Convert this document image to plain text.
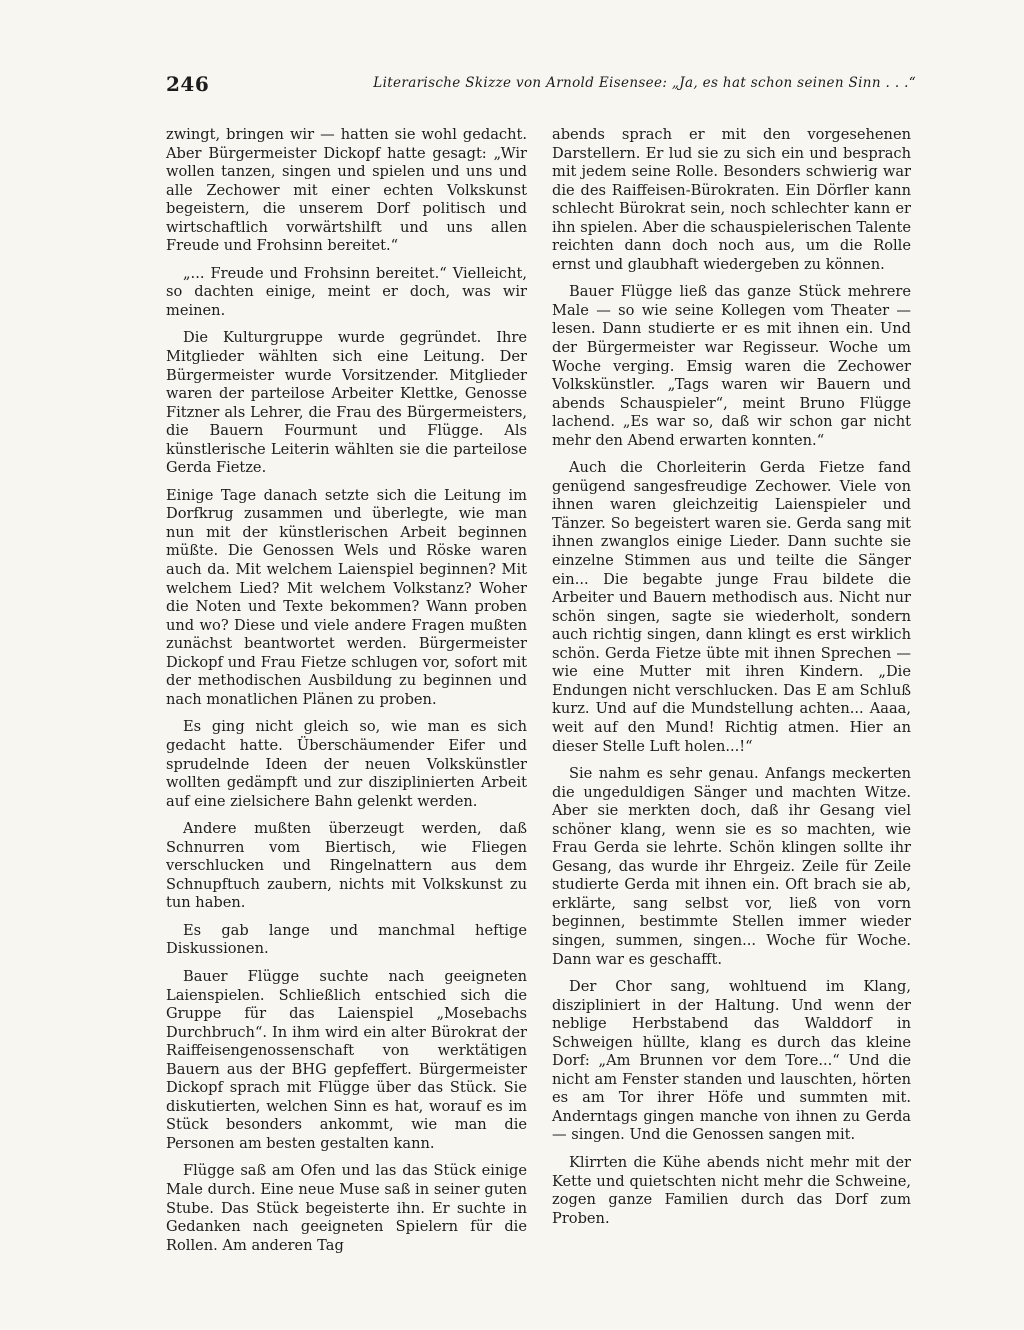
246	Literarische Skizze von Arnold Eisensee: „Ja, es hat schon seinen Sinn . . .“

zwingt, bringen wir — hatten sie wohl gedacht. Aber Bürgermeister Dickopf hatte gesagt: „Wir wollen tanzen, singen und spielen und uns und alle Zechower mit einer echten Volkskunst begeistern, die unserem Dorf politisch und wirtschaftlich vorwärtshilft und uns allen Freude und Frohsinn bereitet.“

„... Freude und Frohsinn bereitet.“ Vielleicht, so dachten einige, meint er doch, was wir meinen.

Die Kulturgruppe wurde gegründet. Ihre Mitglieder wählten sich eine Leitung. Der Bürgermeister wurde Vorsitzender. Mitglieder waren der parteilose Arbeiter Klettke, Genosse Fitzner als Lehrer, die Frau des Bürgermeisters, die Bauern Fourmunt und Flügge. Als künstlerische Leiterin wählten sie die parteilose Gerda Fietze.

Einige Tage danach setzte sich die Leitung im Dorfkrug zusammen und überlegte, wie man nun mit der künstlerischen Arbeit beginnen müßte. Die Genossen Wels und Röske waren auch da. Mit welchem Laienspiel beginnen? Mit welchem Lied? Mit welchem Volkstanz? Woher die Noten und Texte bekommen? Wann proben und wo? Diese und viele andere Fragen mußten zunächst beantwortet werden. Bürgermeister Dickopf und Frau Fietze schlugen vor, sofort mit der methodischen Ausbildung zu beginnen und nach monatlichen Plänen zu proben.

Es ging nicht gleich so, wie man es sich gedacht hatte. Überschäumender Eifer und sprudelnde Ideen der neuen Volkskünstler wollten gedämpft und zur disziplinierten Arbeit auf eine zielsichere Bahn gelenkt werden.

Andere mußten überzeugt werden, daß Schnurren vom Biertisch, wie Fliegen verschlucken und Ringelnattern aus dem Schnupftuch zaubern, nichts mit Volkskunst zu tun haben.

Es gab lange und manchmal heftige Diskussionen.

Bauer Flügge suchte nach geeigneten Laienspielen. Schließlich entschied sich die Gruppe für das Laienspiel „Mosebachs Durchbruch“. In ihm wird ein alter Bürokrat der Raiffeisengenossenschaft von werktätigen Bauern aus der BHG gepfeffert. Bürgermeister Dickopf sprach mit Flügge über das Stück. Sie diskutierten, welchen Sinn es hat, worauf es im Stück besonders ankommt, wie man die Personen am besten gestalten kann.

Flügge saß am Ofen und las das Stück einige Male durch. Eine neue Muse saß in seiner guten Stube. Das Stück begeisterte ihn. Er suchte in Gedanken nach geeigneten Spielern für die Rollen. Am anderen Tag

abends sprach er mit den vorgesehenen Darstellern. Er lud sie zu sich ein und besprach mit jedem seine Rolle. Besonders schwierig war die des Raiffeisen-Bürokraten. Ein Dörfler kann schlecht Bürokrat sein, noch schlechter kann er ihn spielen. Aber die schauspielerischen Talente reichten dann doch noch aus, um die Rolle ernst und glaubhaft wiedergeben zu können.

Bauer Flügge ließ das ganze Stück mehrere Male — so wie seine Kollegen vom Theater — lesen. Dann studierte er es mit ihnen ein. Und der Bürgermeister war Regisseur. Woche um Woche verging. Emsig waren die Zechower Volkskünstler. „Tags waren wir Bauern und abends Schauspieler“, meint Bruno Flügge lachend. „Es war so, daß wir schon gar nicht mehr den Abend erwarten konnten.“

Auch die Chorleiterin Gerda Fietze fand genügend sangesfreudige Zechower. Viele von ihnen waren gleichzeitig Laienspieler und Tänzer. So begeistert waren sie. Gerda sang mit ihnen zwanglos einige Lieder. Dann suchte sie einzelne Stimmen aus und teilte die Sänger ein... Die begabte junge Frau bildete die Arbeiter und Bauern methodisch aus. Nicht nur schön singen, sagte sie wiederholt, sondern auch richtig singen, dann klingt es erst wirklich schön. Gerda Fietze übte mit ihnen Sprechen — wie eine Mutter mit ihren Kindern. „Die Endungen nicht verschlucken. Das E am Schluß kurz. Und auf die Mundstellung achten... Aaaa, weit auf den Mund! Richtig atmen. Hier an dieser Stelle Luft holen...!“

Sie nahm es sehr genau. Anfangs meckerten die ungeduldigen Sänger und machten Witze. Aber sie merkten doch, daß ihr Gesang viel schöner klang, wenn sie es so machten, wie Frau Gerda sie lehrte. Schön klingen sollte ihr Gesang, das wurde ihr Ehrgeiz. Zeile für Zeile studierte Gerda mit ihnen ein. Oft brach sie ab, erklärte, sang selbst vor, ließ von vorn beginnen, bestimmte Stellen immer wieder singen, summen, singen... Woche für Woche. Dann war es geschafft.

Der Chor sang, wohltuend im Klang, diszipliniert in der Haltung. Und wenn der neblige Herbstabend das Walddorf in Schweigen hüllte, klang es durch das kleine Dorf: „Am Brunnen vor dem Tore...“ Und die nicht am Fenster standen und lauschten, hörten es am Tor ihrer Höfe und summten mit. Anderntags gingen manche von ihnen zu Gerda — singen. Und die Genossen sangen mit.

Klirrten die Kühe abends nicht mehr mit der Kette und quietschten nicht mehr die Schweine, zogen ganze Familien durch das Dorf zum Proben.
